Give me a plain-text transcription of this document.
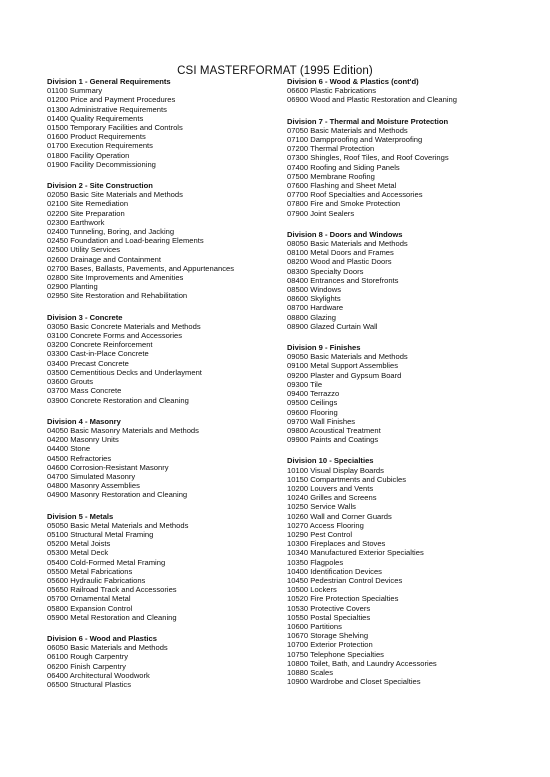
CSI MASTERFORMAT (1995 Edition)
Division 1 - General Requirements
01100 Summary
01200 Price and Payment Procedures
01300 Administrative Requirements
01400 Quality Requirements
01500 Temporary Facilities and Controls
01600 Product Requirements
01700 Execution Requirements
01800 Facility Operation
01900 Facility Decommissioning
Division 2 - Site Construction
02050 Basic Site Materials and Methods
02100 Site Remediation
02200 Site Preparation
02300 Earthwork
02400 Tunneling, Boring, and Jacking
02450 Foundation and Load-bearing Elements
02500 Utility Services
02600 Drainage and Containment
02700 Bases, Ballasts, Pavements, and Appurtenances
02800 Site Improvements and Amenities
02900 Planting
02950 Site Restoration and Rehabilitation
Division 3 - Concrete
03050 Basic Concrete Materials and Methods
03100 Concrete Forms and Accessories
03200 Concrete Reinforcement
03300 Cast-in-Place Concrete
03400 Precast Concrete
03500 Cementitious Decks and Underlayment
03600 Grouts
03700 Mass Concrete
03900 Concrete Restoration and Cleaning
Division 4 - Masonry
04050 Basic Masonry Materials and Methods
04200 Masonry Units
04400 Stone
04500 Refractories
04600 Corrosion-Resistant Masonry
04700 Simulated Masonry
04800 Masonry Assemblies
04900 Masonry Restoration and Cleaning
Division 5 - Metals
05050 Basic Metal Materials and Methods
05100 Structural Metal Framing
05200 Metal Joists
05300 Metal Deck
05400 Cold-Formed Metal Framing
05500 Metal Fabrications
05600 Hydraulic Fabrications
05650 Railroad Track and Accessories
05700 Ornamental Metal
05800 Expansion Control
05900 Metal Restoration and Cleaning
Division 6 - Wood and Plastics
06050 Basic Materials and Methods
06100 Rough Carpentry
06200 Finish Carpentry
06400 Architectural Woodwork
06500 Structural Plastics
Division 6 - Wood & Plastics (cont'd)
06600 Plastic Fabrications
06900 Wood and Plastic Restoration and Cleaning
Division 7 - Thermal and Moisture Protection
07050 Basic Materials and Methods
07100 Dampproofing and Waterproofing
07200 Thermal Protection
07300 Shingles, Roof Tiles, and Roof Coverings
07400 Roofing and Siding Panels
07500 Membrane Roofing
07600 Flashing and Sheet Metal
07700 Roof Specialties and Accessories
07800 Fire and Smoke Protection
07900 Joint Sealers
Division 8 - Doors and Windows
08050 Basic Materials and Methods
08100 Metal Doors and Frames
08200 Wood and Plastic Doors
08300 Specialty Doors
08400 Entrances and Storefronts
08500 Windows
08600 Skylights
08700 Hardware
08800 Glazing
08900 Glazed Curtain Wall
Division 9 - Finishes
09050 Basic Materials and Methods
09100 Metal Support Assemblies
09200 Plaster and Gypsum Board
09300 Tile
09400 Terrazzo
09500 Ceilings
09600 Flooring
09700 Wall Finishes
09800 Acoustical Treatment
09900 Paints and Coatings
Division 10 - Specialties
10100 Visual Display Boards
10150 Compartments and Cubicles
10200 Louvers and Vents
10240 Grilles and Screens
10250 Service Walls
10260 Wall and Corner Guards
10270 Access Flooring
10290 Pest Control
10300 Fireplaces and Stoves
10340 Manufactured Exterior Specialties
10350 Flagpoles
10400 Identification Devices
10450 Pedestrian Control Devices
10500 Lockers
10520 Fire Protection Specialties
10530 Protective Covers
10550 Postal Specialties
10600 Partitions
10670 Storage Shelving
10700 Exterior Protection
10750 Telephone Specialties
10800 Toilet, Bath, and Laundry Accessories
10880 Scales
10900 Wardrobe and Closet Specialties
